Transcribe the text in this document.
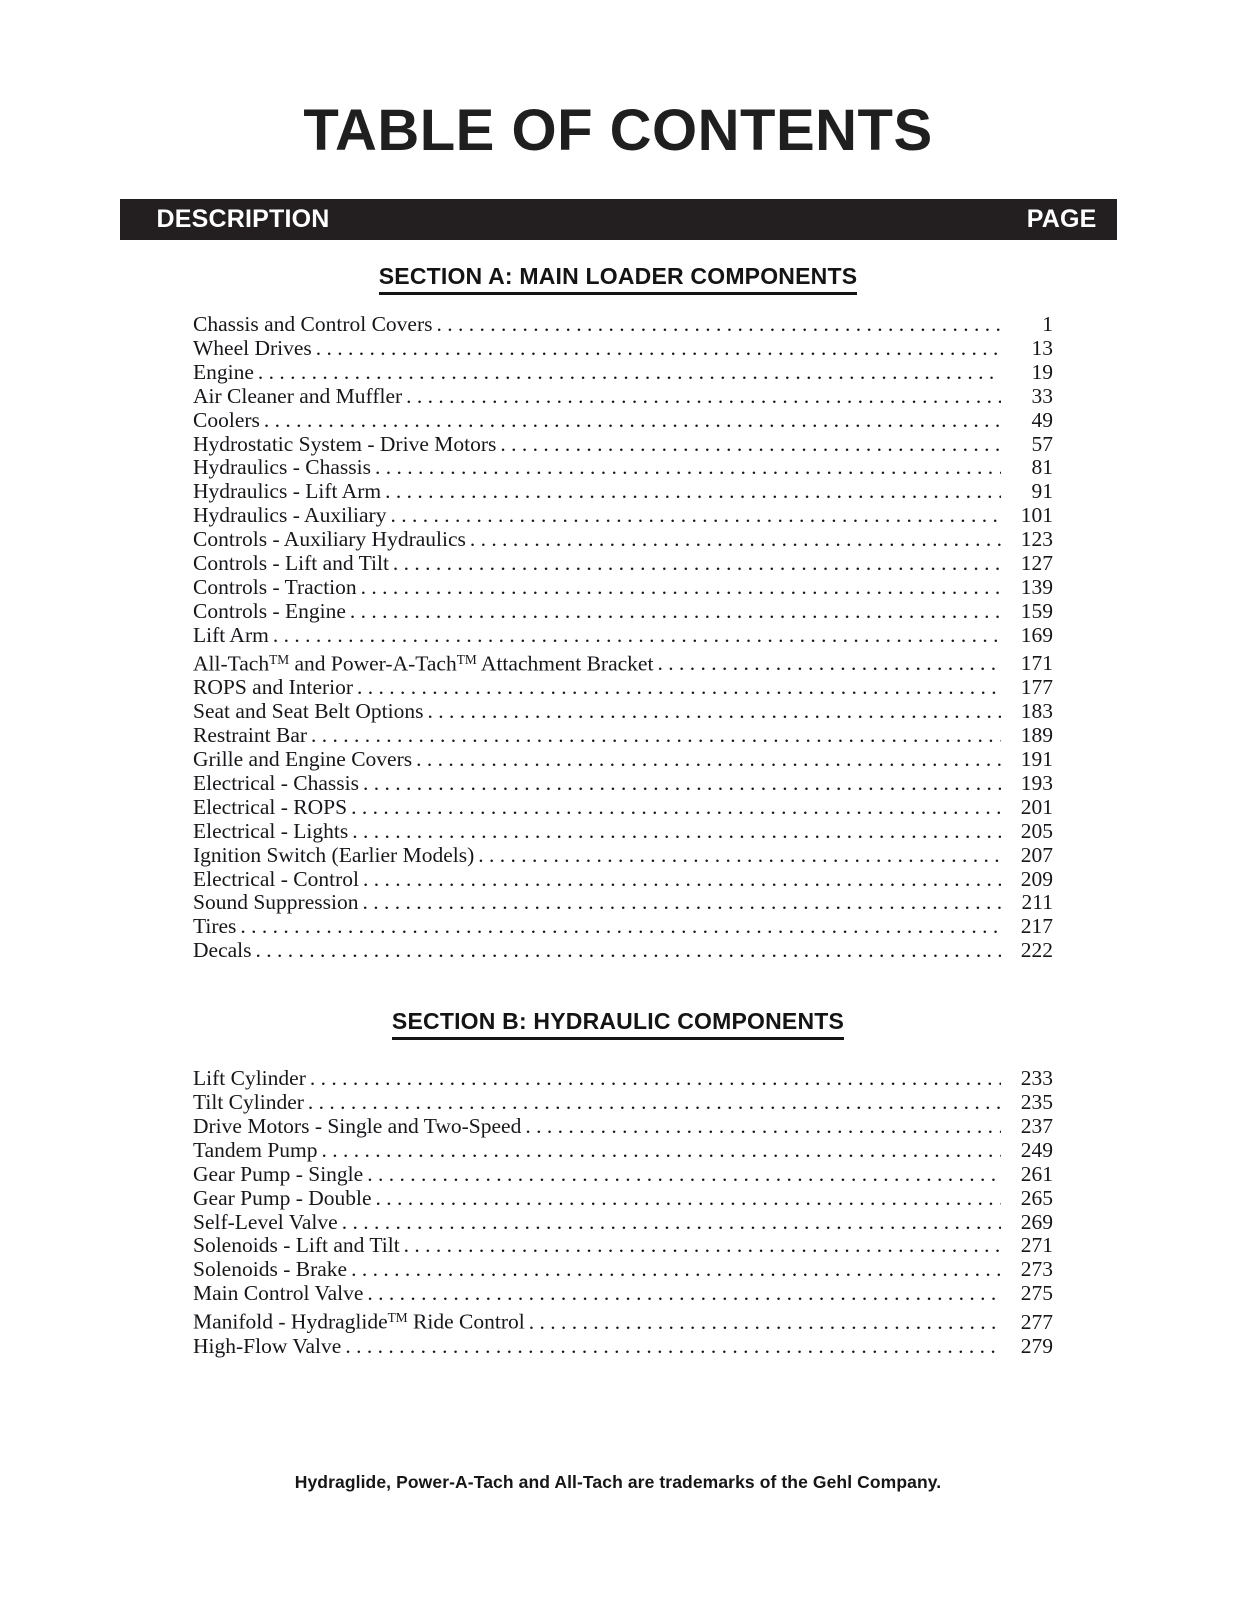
TABLE OF CONTENTS
DESCRIPTION	PAGE
SECTION A: MAIN LOADER COMPONENTS
Chassis and Control Covers . . .	1
Wheel Drives . . .	13
Engine . . .	19
Air Cleaner and Muffler . . .	33
Coolers . . .	49
Hydrostatic System - Drive Motors . . .	57
Hydraulics - Chassis . . .	81
Hydraulics - Lift Arm . . .	91
Hydraulics - Auxiliary . . .	101
Controls - Auxiliary Hydraulics . . .	123
Controls - Lift and Tilt . . .	127
Controls - Traction . . .	139
Controls - Engine . . .	159
Lift Arm . . .	169
All-Tach™ and Power-A-Tach™ Attachment Bracket . . .	171
ROPS and Interior . . .	177
Seat and Seat Belt Options . . .	183
Restraint Bar . . .	189
Grille and Engine Covers . . .	191
Electrical - Chassis . . .	193
Electrical - ROPS . . .	201
Electrical - Lights . . .	205
Ignition Switch (Earlier Models) . . .	207
Electrical - Control . . .	209
Sound Suppression . . .	211
Tires . . .	217
Decals . . .	222
SECTION B: HYDRAULIC COMPONENTS
Lift Cylinder . . .	233
Tilt Cylinder . . .	235
Drive Motors - Single and Two-Speed . . .	237
Tandem Pump . . .	249
Gear Pump - Single . . .	261
Gear Pump - Double . . .	265
Self-Level Valve . . .	269
Solenoids - Lift and Tilt . . .	271
Solenoids - Brake . . .	273
Main Control Valve . . .	275
Manifold - Hydraglide™ Ride Control . . .	277
High-Flow Valve . . .	279
Hydraglide, Power-A-Tach and All-Tach are trademarks of the Gehl Company.
